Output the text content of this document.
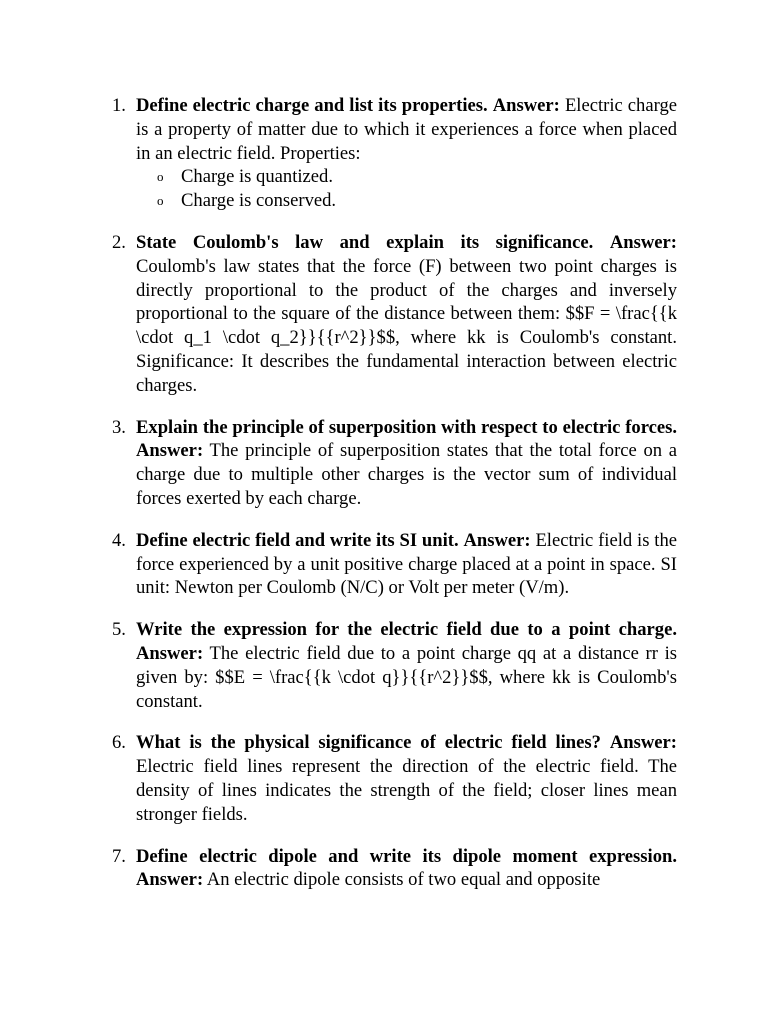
1. Define electric charge and list its properties. Answer: Electric charge is a property of matter due to which it experiences a force when placed in an electric field. Properties:
o Charge is quantized.
o Charge is conserved.
2. State Coulomb's law and explain its significance. Answer: Coulomb's law states that the force (F) between two point charges is directly proportional to the product of the charges and inversely proportional to the square of the distance between them: $$F = \frac{{k \cdot q_1 \cdot q_2}}{{r^2}}$$, where kk is Coulomb's constant. Significance: It describes the fundamental interaction between electric charges.
3. Explain the principle of superposition with respect to electric forces. Answer: The principle of superposition states that the total force on a charge due to multiple other charges is the vector sum of individual forces exerted by each charge.
4. Define electric field and write its SI unit. Answer: Electric field is the force experienced by a unit positive charge placed at a point in space. SI unit: Newton per Coulomb (N/C) or Volt per meter (V/m).
5. Write the expression for the electric field due to a point charge. Answer: The electric field due to a point charge qq at a distance rr is given by: $$E = \frac{{k \cdot q}}{{r^2}}$$, where kk is Coulomb's constant.
6. What is the physical significance of electric field lines? Answer: Electric field lines represent the direction of the electric field. The density of lines indicates the strength of the field; closer lines mean stronger fields.
7. Define electric dipole and write its dipole moment expression. Answer: An electric dipole consists of two equal and opposite
